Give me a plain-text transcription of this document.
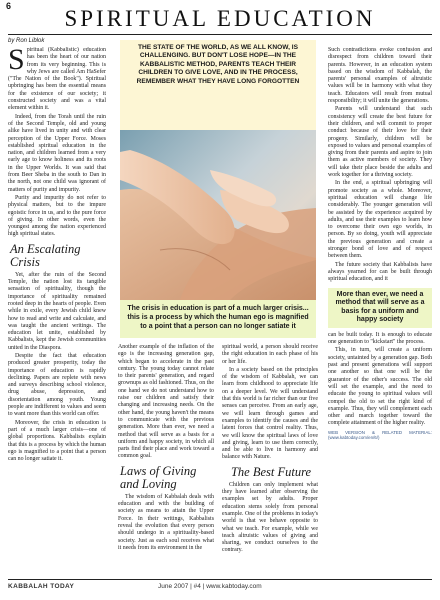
6	SPIRITUAL EDUCATION
by Ron Liblok

Spiritual (Kabbalistic) education has been the heart of our nation from its very beginning. This is why Jews are called Am HaSefer ("The Nation of the Book"). Spiritual upbringing has been the essential means for the existence of our society; it constructed society and was a vital element within it.

Indeed, from the Torah until the ruin of the Second Temple, old and young alike have lived in unity and with clear perception of the Upper Force. Moses established spiritual education in the nation, and children learned from a very early age to know holiness and its roots in the Upper Worlds. It was said that from Beer Sheba in the south to Dan in the north, not one child was ignorant of matters of purity and impurity.

Purity and impurity do not refer to physical matters, but to the impure egoistic force in us, and to the pure force of giving. In other words, even the youngest among the nation experienced high spiritual states.

An Escalating Crisis

Yet, after the ruin of the Second Temple, the nation lost its tangible sensation of spirituality, though the importance of spirituality remained rooted deep in the hearts of people. Even while in exile, every Jewish child knew how to read and write and calculate, and was taught the ancient writings. The education let unite, established by Kabbalists, kept the Jewish communities united in the Diaspora.

Despite the fact that education produced greater prosperity, today the importance of education is rapidly declining. Papers are replete with news and surveys describing school violence, drug abuse, depression, and disorientation among youth. Young people are indifferent to values and seem to want more than this world can offer.

Moreover, the crisis in education is part of a much larger crisis—one of global proportions. Kabbalists explain that this is a process by which the human ego is magnified to a point that a person can no longer satiate it.

THE STATE OF THE WORLD, AS WE ALL KNOW, IS CHALLENGING. BUT DON'T LOSE HOPE—IN THE KABBALISTIC METHOD, PARENTS TEACH THEIR CHILDREN TO GIVE LOVE, AND IN THE PROCESS, REMEMBER WHAT THEY HAVE LONG FORGOTTEN
The crisis in education is part of a much larger crisis... this is a process by which the human ego is magnified to a point that a person can no longer satiate it

Another example of the inflation of the ego is the increasing generation gap, which began to accelerate in the past century. The young today cannot relate to their parents' generation, and regard grownups as old fashioned. Thus, on the one hand we do not understand how to raise our children and satisfy their changing and increasing needs. On the other hand, the young haven't the means to communicate with the previous generation. More than ever, we need a method that will serve as a basis for a uniform and happy society, in which all parts find their place and work toward a common goal.

Laws of Giving and Loving

The wisdom of Kabbalah deals with education and with the building of society as means to attain the Upper Force. In their writings, Kabbalists reveal the evolution that every person should undergo in a spirituality-based society. Just as each soul receives what it needs from its environment in the

spiritual world, a person should receive the right education in each phase of his or her life.

In a society based on the principles of the wisdom of Kabbalah, we can learn from childhood to appreciate life on a deeper level. We will understand that this world is far richer than our five senses can perceive. From an early age, we will learn through games and examples to identify the causes and the latent forces that control reality. Thus, we will know the spiritual laws of love and giving, learn to use them correctly, and be able to live in harmony and balance with Nature.

The Best Future

Children can only implement what they have learned after observing the examples set by adults. Proper education stems solely from personal example. One of the problems in today's world is that we behave opposite to what we teach. For example, while we teach altruistic values of giving and sharing, we conduct ourselves to the contrary.

Such contradictions evoke confusion and disrespect from children toward their parents. However, in an education system based on the wisdom of Kabbalah, the parents' personal examples of altruistic values will be in harmony with what they teach. Educators will result from mutual responsibility; it will unite the generations.

Parents will understand that such consistency will create the best future for their children, and will commit to proper conduct because of their love for their progeny. Similarly, children will be exposed to values and personal examples of giving from their parents and aspire to join them as active members of society. They will take their place beside the adults and work together for a thriving society.

In the end, a spiritual upbringing will promote society as a whole. Moreover, spiritual education will change life considerably. The younger generation will be assisted by the experience acquired by adults, and use their examples to learn how to overcome their own ego worlds, in person. By so doing, youth will appreciate the previous generation and create a stronger bond of love and of respect between them.

The future society that Kabbalists have always yearned for can be built through spiritual education, and it

More than ever, we need a method that will serve as a basis for a uniform and happy society

can be built today. It is enough to educate one generation to "kickstart" the process.

This, in turn, will create a uniform society, untainted by a generation gap. Both past and present generations will support one another so that one will be the guarantor of the other's success. The old will set the example, and the need to educate the young to spiritual values will compel the old to set the right kind of example. Thus, they will complement each other and march together toward the complete attainment of the higher reality.

WEB VERSION & RELATED MATERIAL: (www.kabtoday.com/en/6/)
KABBALAH TODAY	June 2007 | #4 | www.kabtoday.com
